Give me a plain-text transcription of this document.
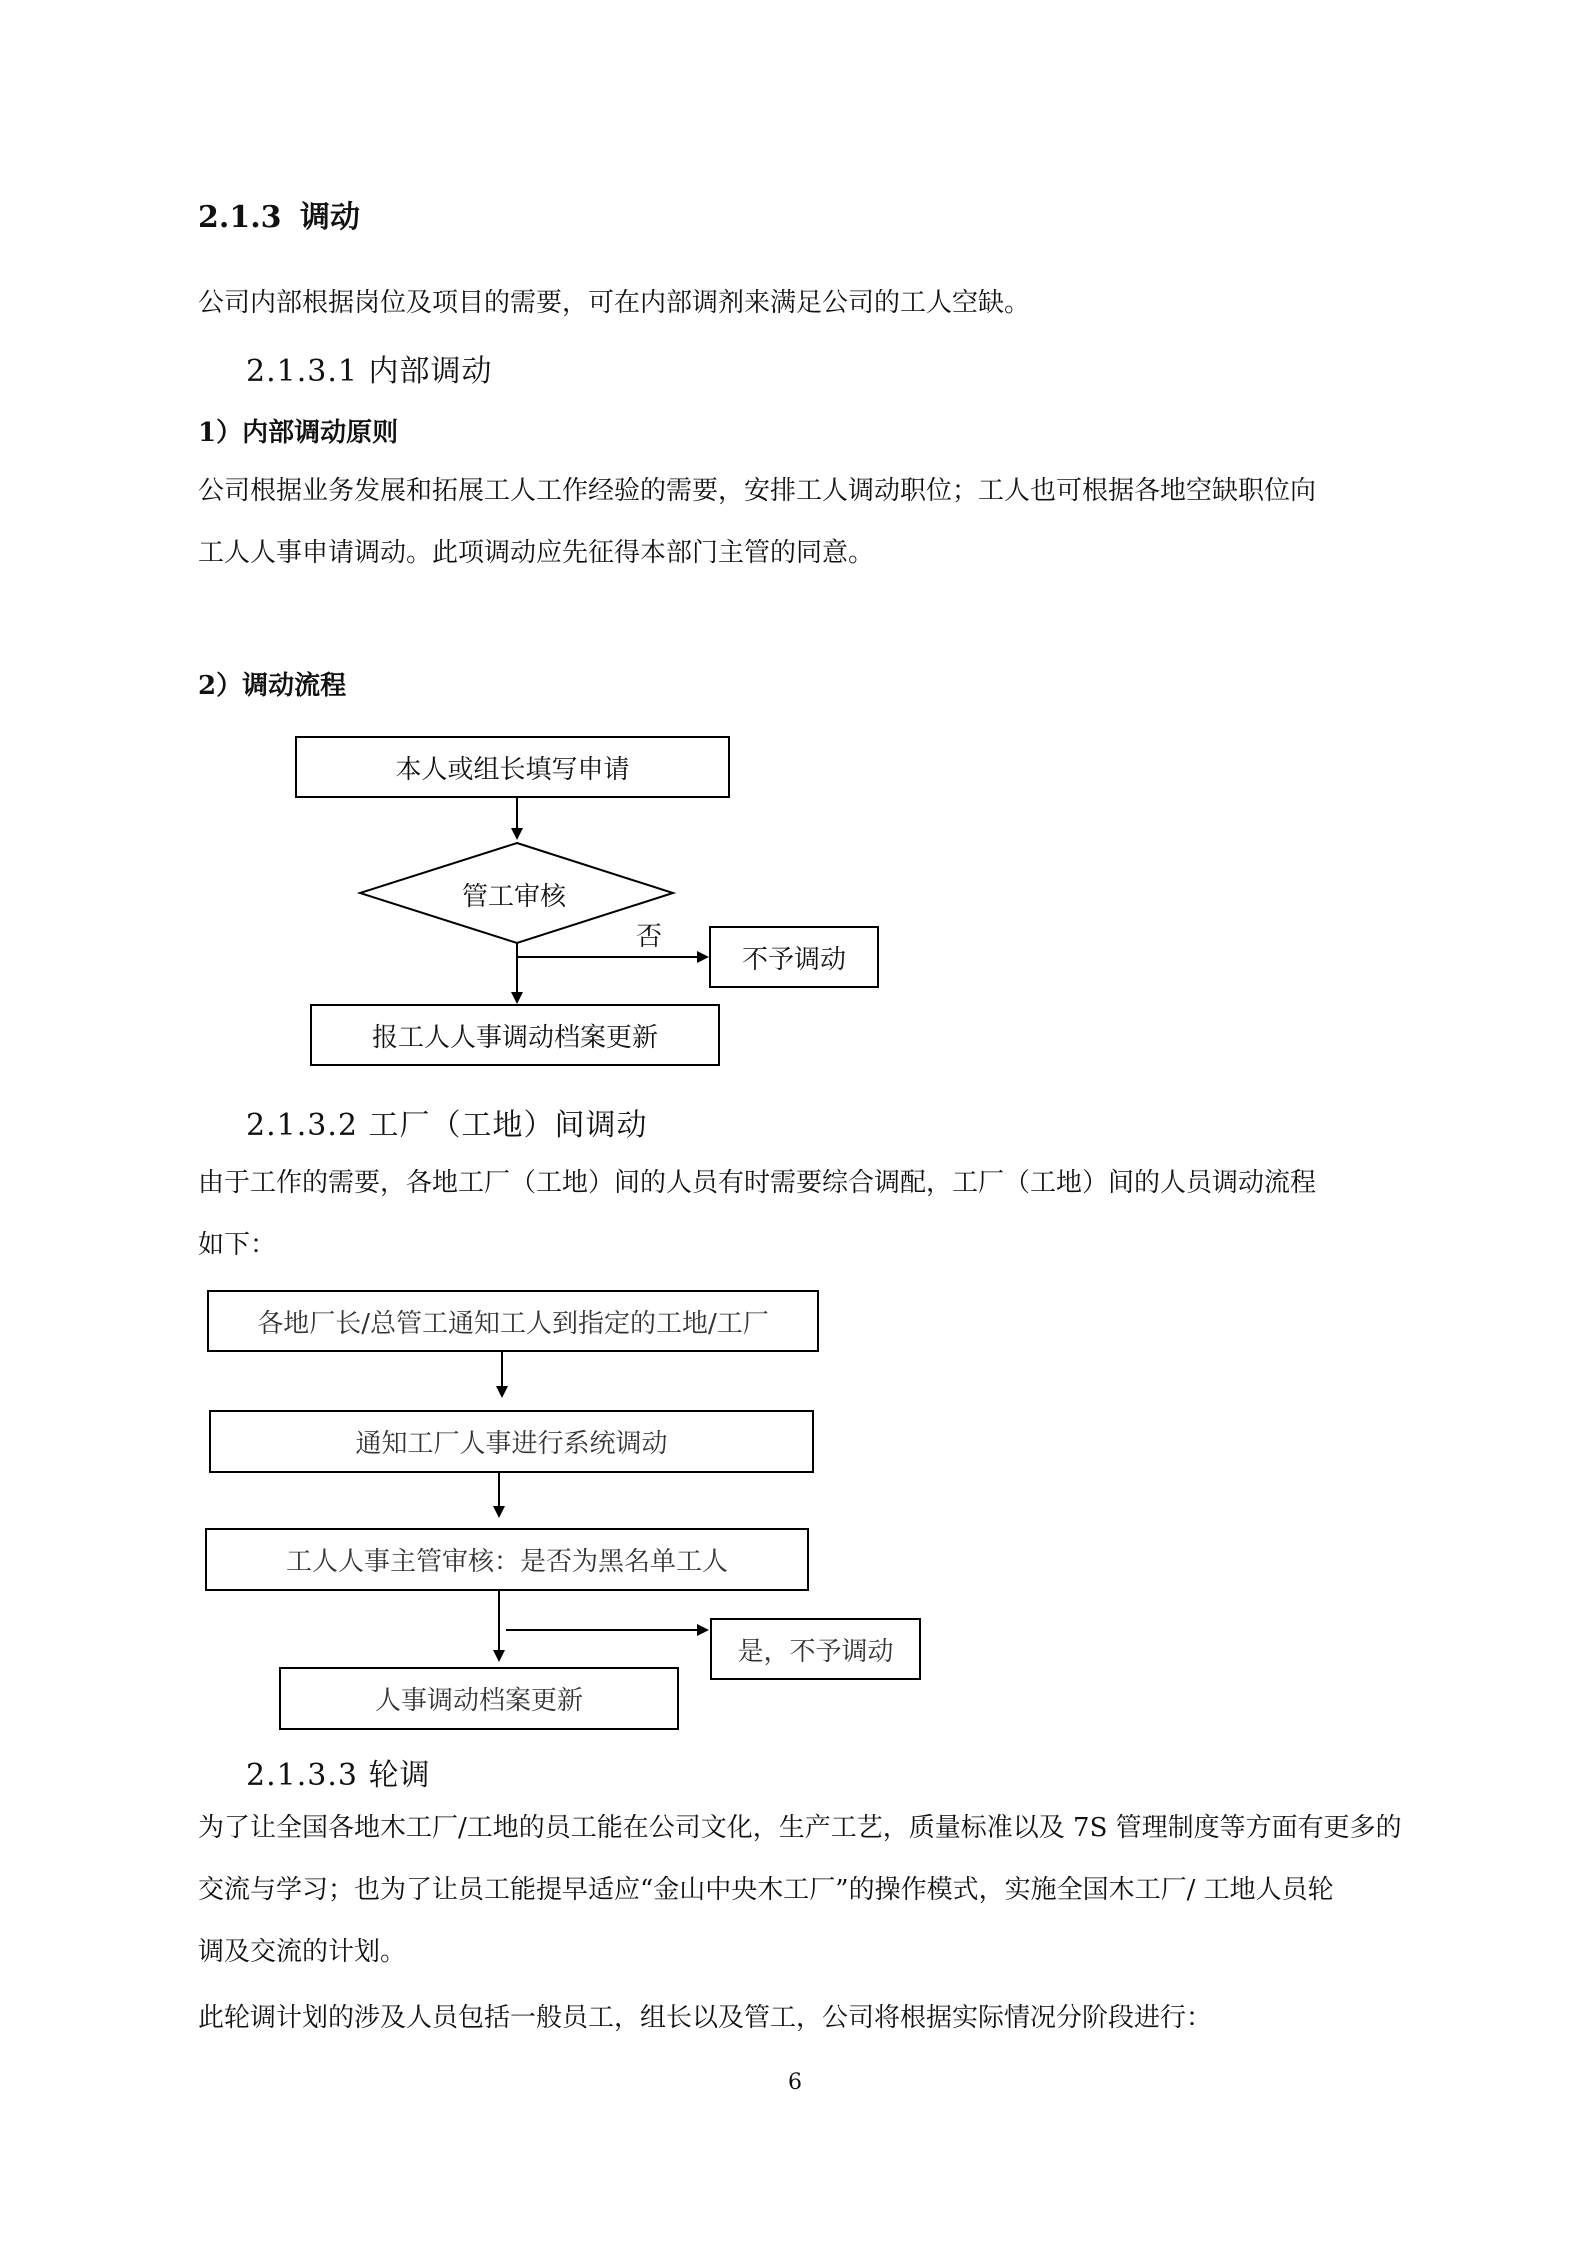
2.1.3 调动
公司内部根据岗位及项目的需要，可在内部调剂来满足公司的工人空缺。
2.1.3.1 内部调动
1）内部调动原则
公司根据业务发展和拓展工人工作经验的需要，安排工人调动职位；工人也可根据各地空缺职位向
工人人事申请调动。此项调动应先征得本部门主管的同意。
2）调动流程
本人或组长填写申请
管工审核
否
不予调动
报工人人事调动档案更新
2.1.3.2 工厂（工地）间调动
由于工作的需要，各地工厂（工地）间的人员有时需要综合调配，工厂（工地）间的人员调动流程
如下：
各地厂长/总管工通知工人到指定的工地/工厂
通知工厂人事进行系统调动
工人人事主管审核：是否为黑名单工人
是，不予调动
人事调动档案更新
2.1.3.3 轮调
为了让全国各地木工厂/工地的员工能在公司文化，生产工艺，质量标准以及 7S 管理制度等方面有更多的
交流与学习；也为了让员工能提早适应“金山中央木工厂”的操作模式，实施全国木工厂/ 工地人员轮
调及交流的计划。
此轮调计划的涉及人员包括一般员工，组长以及管工，公司将根据实际情况分阶段进行：
6
